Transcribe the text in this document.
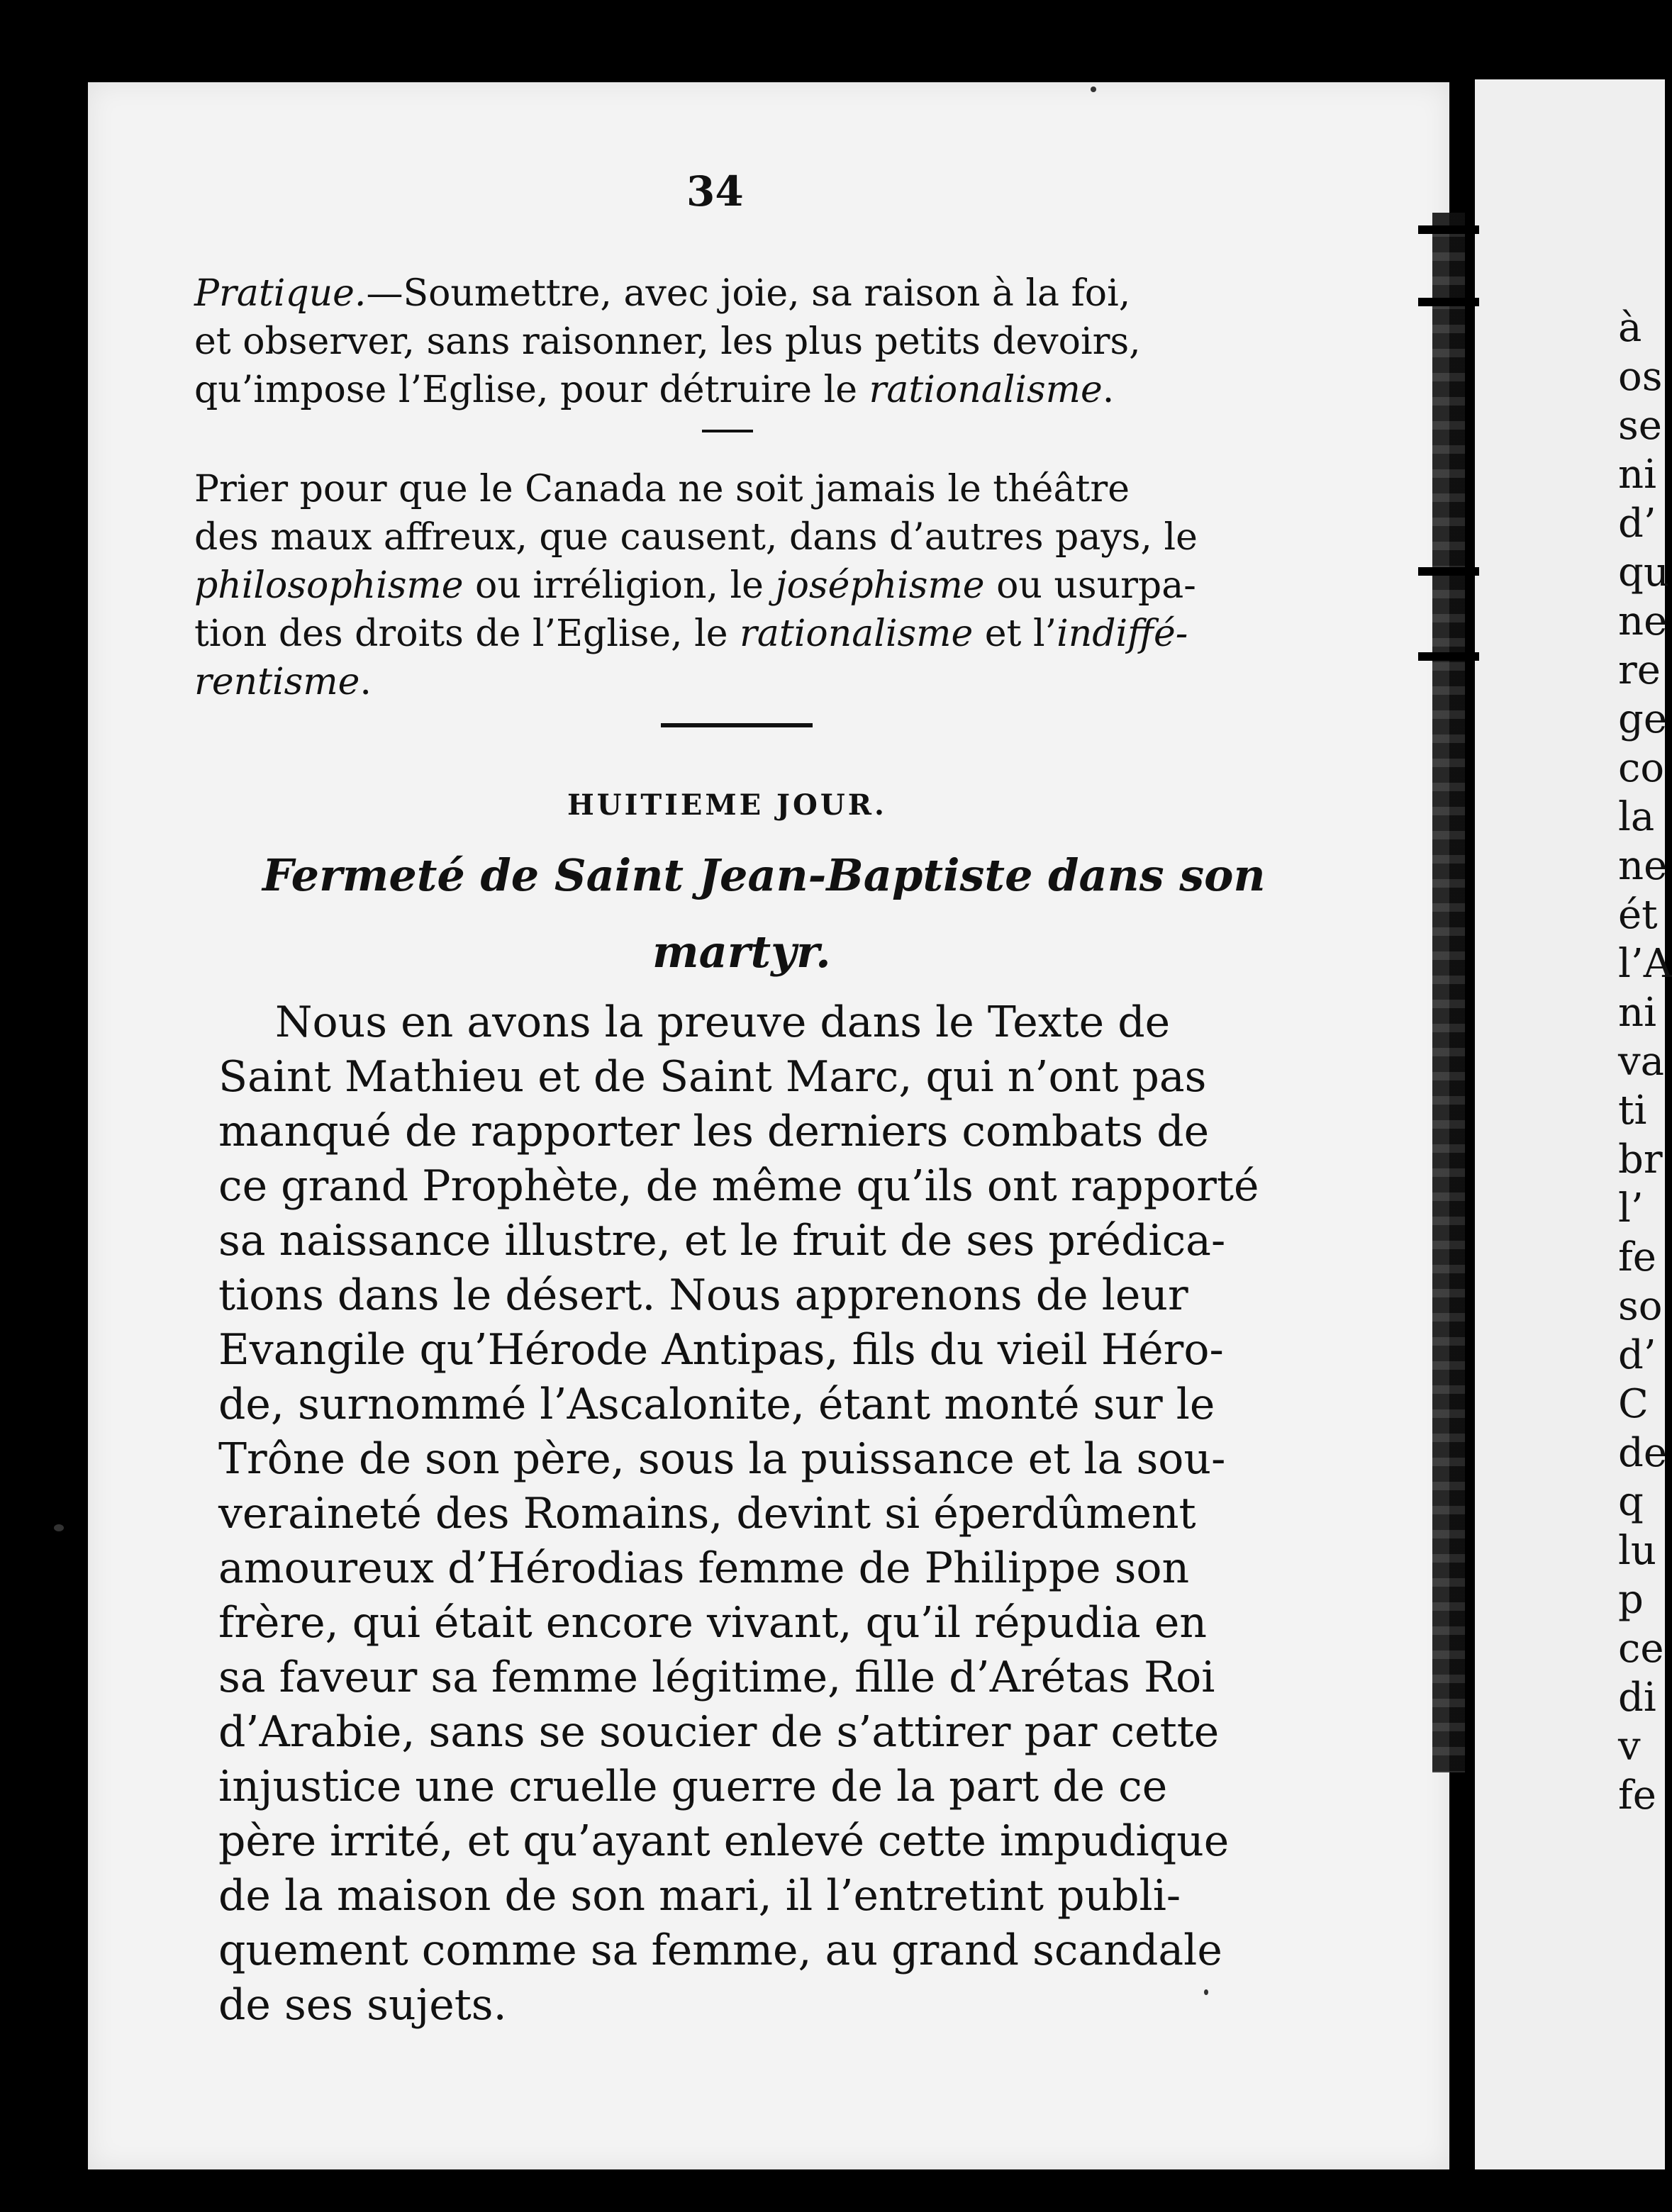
34
Pratique.—Soumettre, avec joie, sa raison à la foi,
et observer, sans raisonner, les plus petits devoirs,
qu’impose l’Eglise, pour détruire le rationalisme.
Prier pour que le Canada ne soit jamais le théâtre
des maux affreux, que causent, dans d’autres pays, le
philosophisme ou irréligion, le joséphisme ou usurpa-
tion des droits de l’Eglise, le rationalisme et l’indiffé-
rentisme.
HUITIEME JOUR.
Fermeté de Saint Jean-Baptiste dans son
martyr.
Nous en avons la preuve dans le Texte de
Saint Mathieu et de Saint Marc, qui n’ont pas
manqué de rapporter les derniers combats de
ce grand Prophète, de même qu’ils ont rapporté
sa naissance illustre, et le fruit de ses prédica-
tions dans le désert. Nous apprenons de leur
Evangile qu’Hérode Antipas, fils du vieil Héro-
de, surnommé l’Ascalonite, étant monté sur le
Trône de son père, sous la puissance et la sou-
veraineté des Romains, devint si éperdûment
amoureux d’Hérodias femme de Philippe son
frère, qui était encore vivant, qu’il répudia en
sa faveur sa femme légitime, fille d’Arétas Roi
d’Arabie, sans se soucier de s’attirer par cette
injustice une cruelle guerre de la part de ce
père irrité, et qu’ayant enlevé cette impudique
de la maison de son mari, il l’entretint publi-
quement comme sa femme, au grand scandale
de ses sujets.
à
os
se
ni
d’
qu
ne
re
ge
co
la
ne
ét
l’A
ni
va
ti
br
l’
fe
so
d’
C
de
q
lu
p
ce
di
v
fe
